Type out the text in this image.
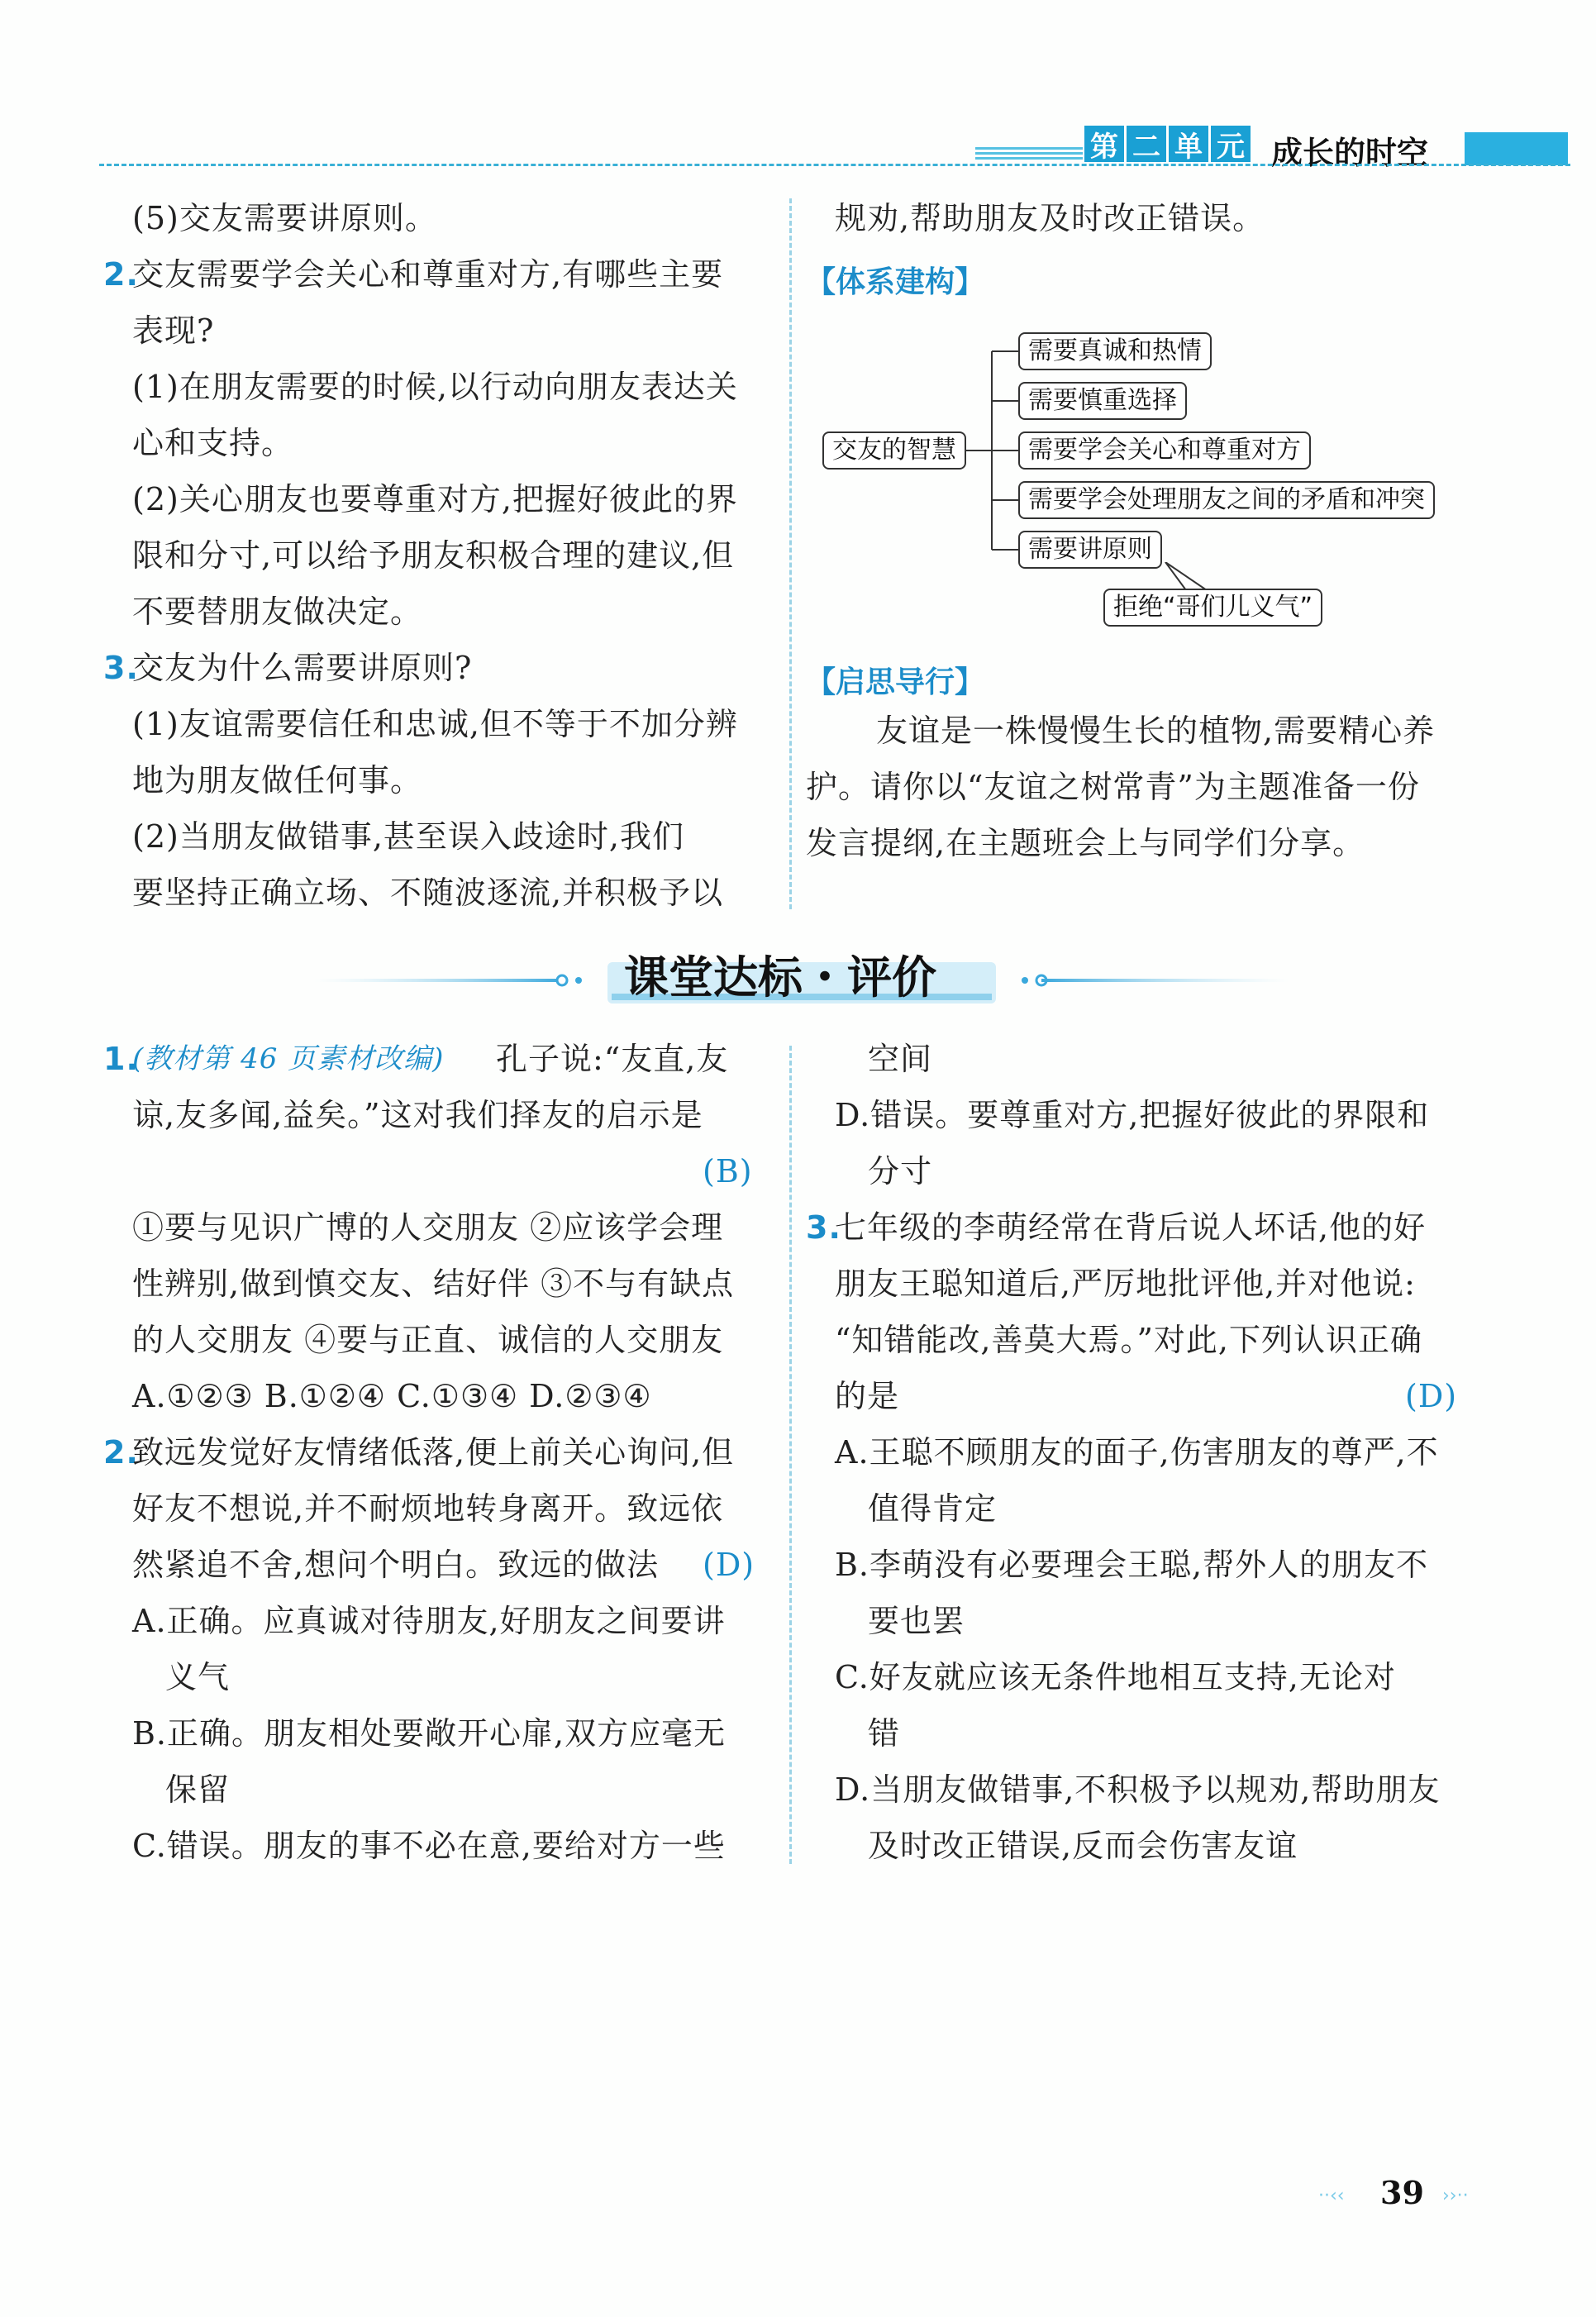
第 二 单 元 成长的时空
(5)交友需要讲原则。
2.
交友需要学会关心和尊重对方,有哪些主要
表现?
(1)在朋友需要的时候,以行动向朋友表达关
心和支持。
(2)关心朋友也要尊重对方,把握好彼此的界
限和分寸,可以给予朋友积极合理的建议,但
不要替朋友做决定。
3.
交友为什么需要讲原则?
(1)友谊需要信任和忠诚,但不等于不加分辨
地为朋友做任何事。
(2)当朋友做错事,甚至误入歧途时,我们
要坚持正确立场、不随波逐流,并积极予以
规劝,帮助朋友及时改正错误。
【体系建构】
交友的智慧
需要真诚和热情
需要慎重选择
需要学会关心和尊重对方
需要学会处理朋友之间的矛盾和冲突
需要讲原则
拒绝“哥们儿义气”
【启思导行】
友谊是一株慢慢生长的植物,需要精心养
护。请你以“友谊之树常青”为主题准备一份
发言提纲,在主题班会上与同学们分享。
课堂达标・评价
1.
(教材第 46 页素材改编) 孔子说:“友直,友
谅,友多闻,益矣。”这对我们择友的启示是
(B)
①要与见识广博的人交朋友 ②应该学会理
性辨别,做到慎交友、结好伴 ③不与有缺点
的人交朋友 ④要与正直、诚信的人交朋友
A.①②③ B.①②④ C.①③④ D.②③④
2.
致远发觉好友情绪低落,便上前关心询问,但
好友不想说,并不耐烦地转身离开。致远依
然紧追不舍,想问个明白。致远的做法 (D)
A.正确。应真诚对待朋友,好朋友之间要讲
义气
B.正确。朋友相处要敞开心扉,双方应毫无
保留
C.错误。朋友的事不必在意,要给对方一些
空间
D.错误。要尊重对方,把握好彼此的界限和
分寸
3.
七年级的李萌经常在背后说人坏话,他的好
朋友王聪知道后,严厉地批评他,并对他说:
“知错能改,善莫大焉。”对此,下列认识正确
的是	(D)
A.王聪不顾朋友的面子,伤害朋友的尊严,不
值得肯定
B.李萌没有必要理会王聪,帮外人的朋友不
要也罢
C.好友就应该无条件地相互支持,无论对
错
D.当朋友做错事,不积极予以规劝,帮助朋友
及时改正错误,反而会伤害友谊
··‹‹	››··
39
